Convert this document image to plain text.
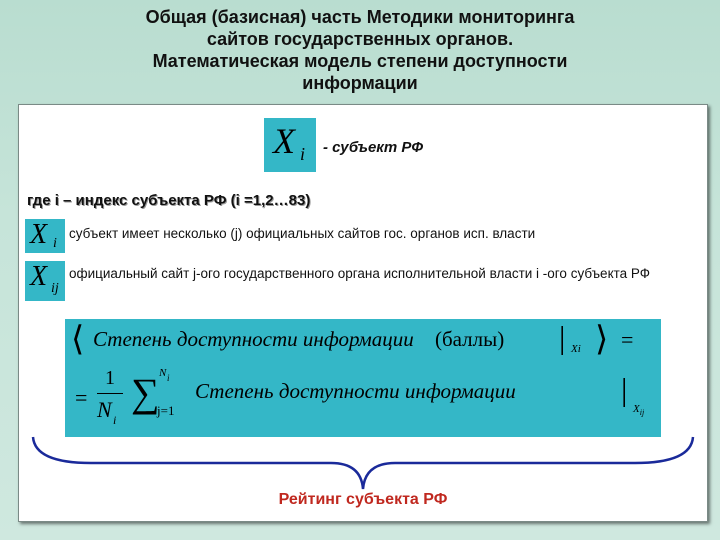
Общая (базисная) часть Методики мониторинга
сайтов государственных органов.
Математическая модель степени доступности
информации
X i - субъект РФ
где i – индекс субъекта РФ (i =1,2…83)
X i
субъект имеет несколько (j) официальных сайтов гос. органов исп. власти
X ij
официальный сайт j-ого государственного органа исполнительной власти i -ого субъекта РФ
⟨ Степень доступности информации (баллы) | Xi ⟩ =
=
1
N i
∑ N i
j=1
Степень доступности информации	|
$X_{ij}$
Рейтинг субъекта РФ
